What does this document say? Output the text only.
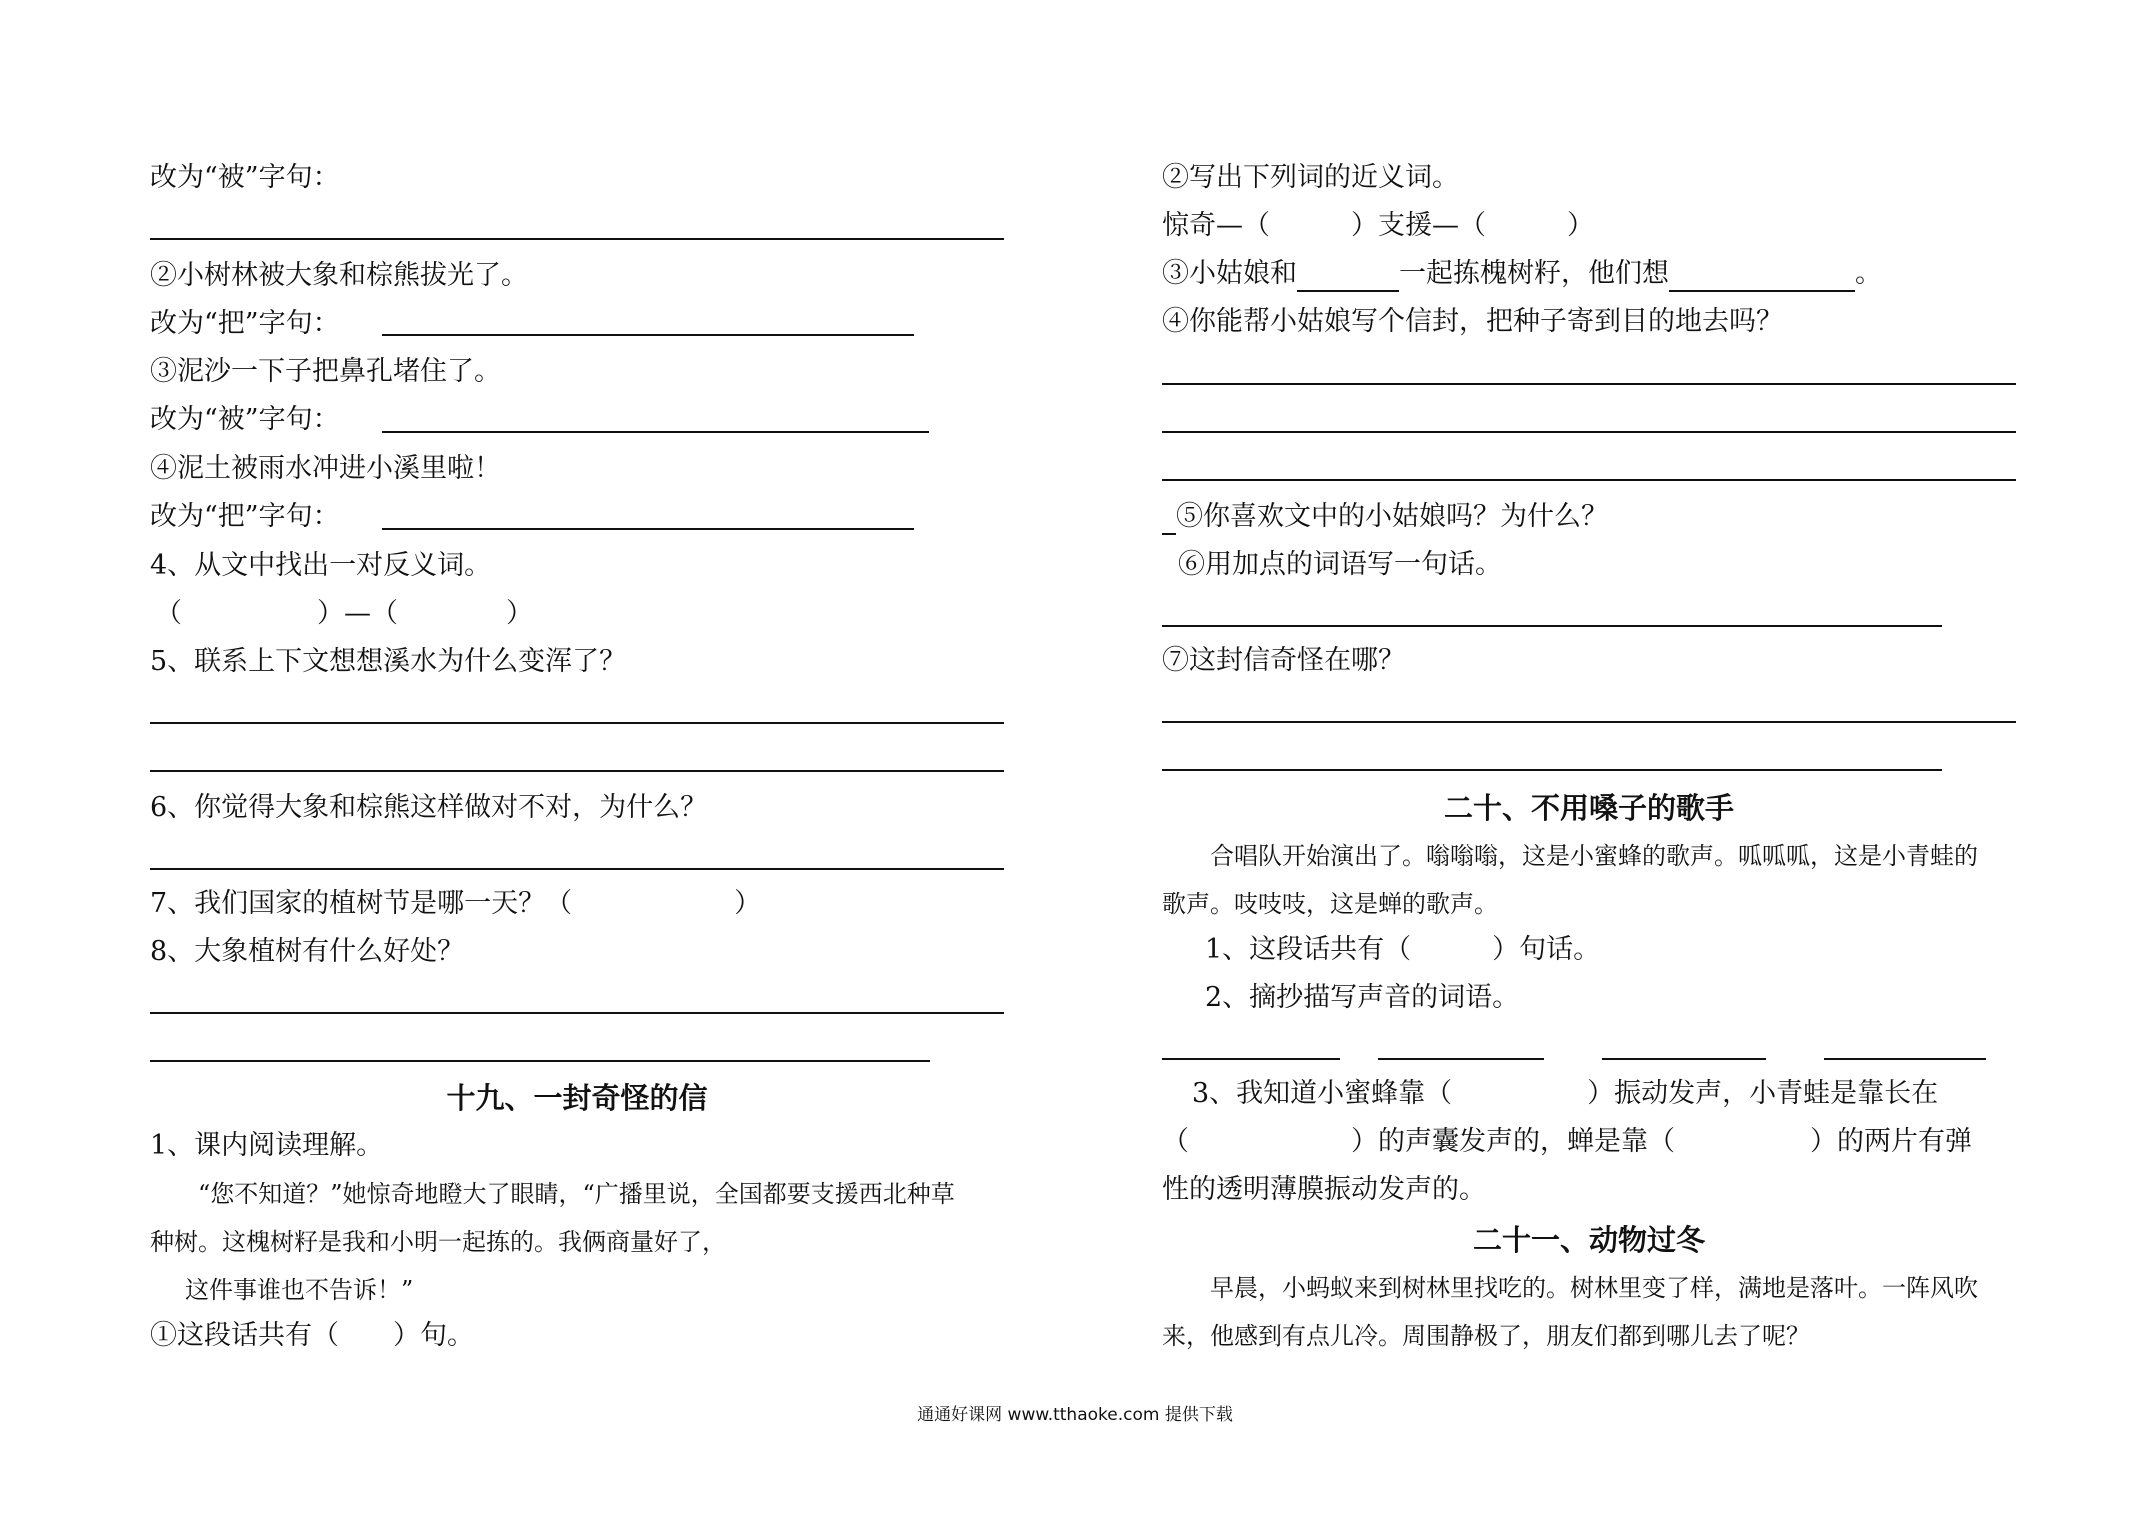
改为“被”字句：
②小树林被大象和棕熊拔光了。
改为“把”字句：
③泥沙一下子把鼻孔堵住了。
改为“被”字句：
④泥土被雨水冲进小溪里啦！
改为“把”字句：
4、从文中找出一对反义词。
（　　　　　）—（　　　　）
5、联系上下文想想溪水为什么变浑了？
6、你觉得大象和棕熊这样做对不对，为什么？
7、我们国家的植树节是哪一天？（　　　　　　）
8、大象植树有什么好处？
十九、一封奇怪的信
1、课内阅读理解。
“您不知道？”她惊奇地瞪大了眼睛，“广播里说，全国都要支援西北种草
种树。这槐树籽是我和小明一起拣的。我俩商量好了，
这件事谁也不告诉！”
①这段话共有（　　）句。
②写出下列词的近义词。
惊奇—（　　　）支援—（　　　）
③小姑娘和	一起拣槐树籽，他们想	。
④你能帮小姑娘写个信封，把种子寄到目的地去吗？
⑤你喜欢文中的小姑娘吗？为什么？
⑥用加点的词语写一句话。
⑦这封信奇怪在哪？
二十、不用嗓子的歌手
合唱队开始演出了。嗡嗡嗡，这是小蜜蜂的歌声。呱呱呱，这是小青蛙的
歌声。吱吱吱，这是蝉的歌声。
1、这段话共有（　　　）句话。
2、摘抄描写声音的词语。
3、我知道小蜜蜂靠（　　　　　）振动发声，小青蛙是靠长在
（　　　　　　）的声囊发声的，蝉是靠（　　　　　）的两片有弹
性的透明薄膜振动发声的。
二十一、动物过冬
早晨，小蚂蚁来到树林里找吃的。树林里变了样，满地是落叶。一阵风吹
来，他感到有点儿冷。周围静极了，朋友们都到哪儿去了呢？
通通好课网 www.tthaoke.com 提供下载
